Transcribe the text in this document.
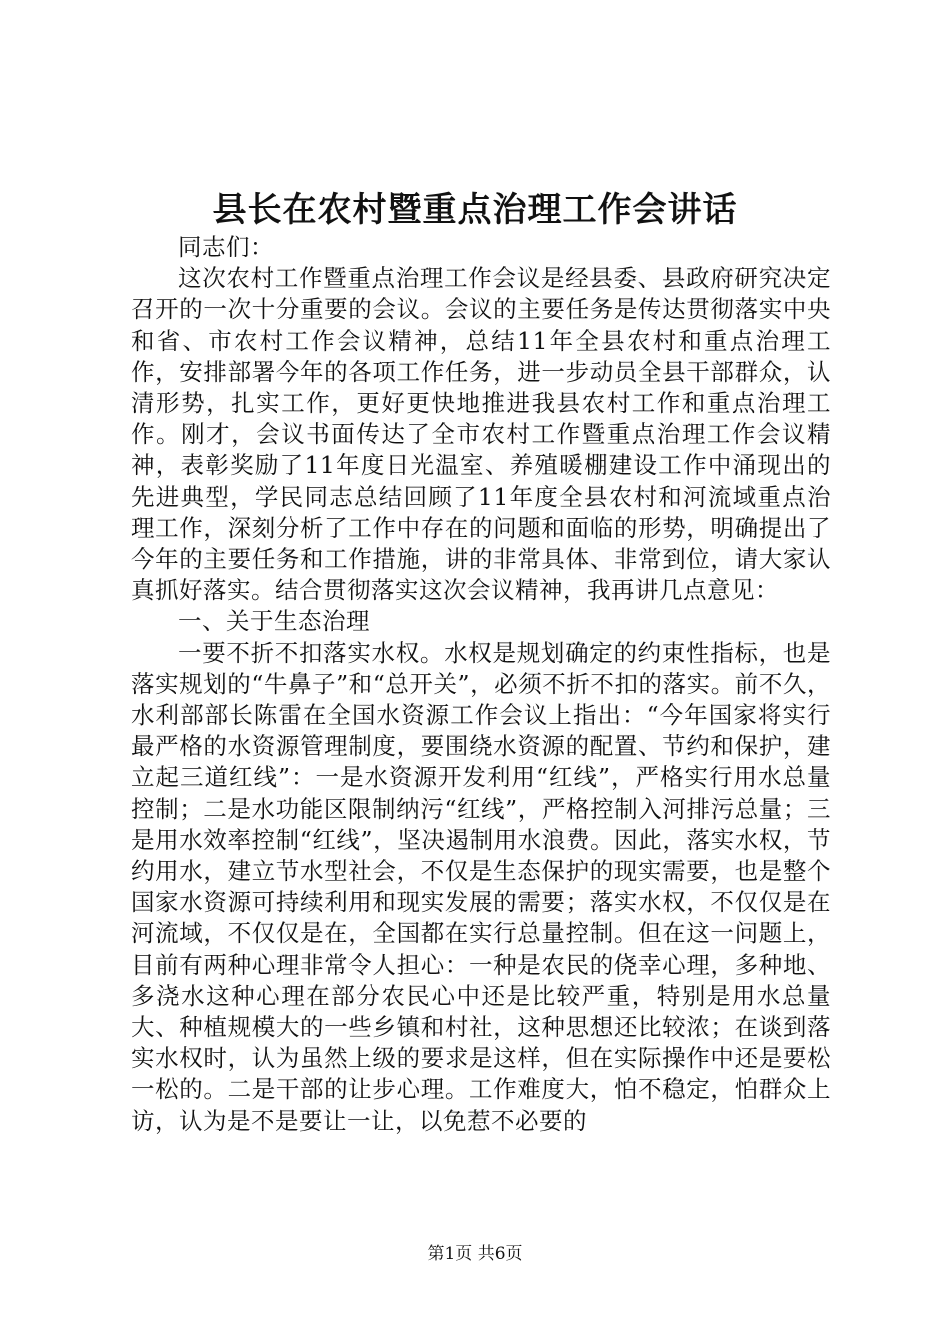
县长在农村暨重点治理工作会讲话

同志们：

这次农村工作暨重点治理工作会议是经县委、县政府研究决定召开的一次十分重要的会议。会议的主要任务是传达贯彻落实中央和省、市农村工作会议精神，总结11年全县农村和重点治理工作，安排部署今年的各项工作任务，进一步动员全县干部群众，认清形势，扎实工作，更好更快地推进我县农村工作和重点治理工作。刚才，会议书面传达了全市农村工作暨重点治理工作会议精神，表彰奖励了11年度日光温室、养殖暖棚建设工作中涌现出的先进典型，学民同志总结回顾了11年度全县农村和河流域重点治理工作，深刻分析了工作中存在的问题和面临的形势，明确提出了今年的主要任务和工作措施，讲的非常具体、非常到位，请大家认真抓好落实。结合贯彻落实这次会议精神，我再讲几点意见：

一、关于生态治理

一要不折不扣落实水权。水权是规划确定的约束性指标，也是落实规划的“牛鼻子”和“总开关”，必须不折不扣的落实。前不久，水利部部长陈雷在全国水资源工作会议上指出：“今年国家将实行最严格的水资源管理制度，要围绕水资源的配置、节约和保护，建立起三道红线”：一是水资源开发利用“红线”，严格实行用水总量控制；二是水功能区限制纳污“红线”，严格控制入河排污总量；三是用水效率控制“红线”，坚决遏制用水浪费。因此，落实水权，节约用水，建立节水型社会，不仅是生态保护的现实需要，也是整个国家水资源可持续利用和现实发展的需要；落实水权，不仅仅是在河流域，不仅仅是在，全国都在实行总量控制。但在这一问题上，目前有两种心理非常令人担心：一种是农民的侥幸心理，多种地、多浇水这种心理在部分农民心中还是比较严重，特别是用水总量大、种植规模大的一些乡镇和村社，这种思想还比较浓；在谈到落实水权时，认为虽然上级的要求是这样，但在实际操作中还是要松一松的。二是干部的让步心理。工作难度大，怕不稳定，怕群众上访，认为是不是要让一让，以免惹不必要的

第1页 共6页
